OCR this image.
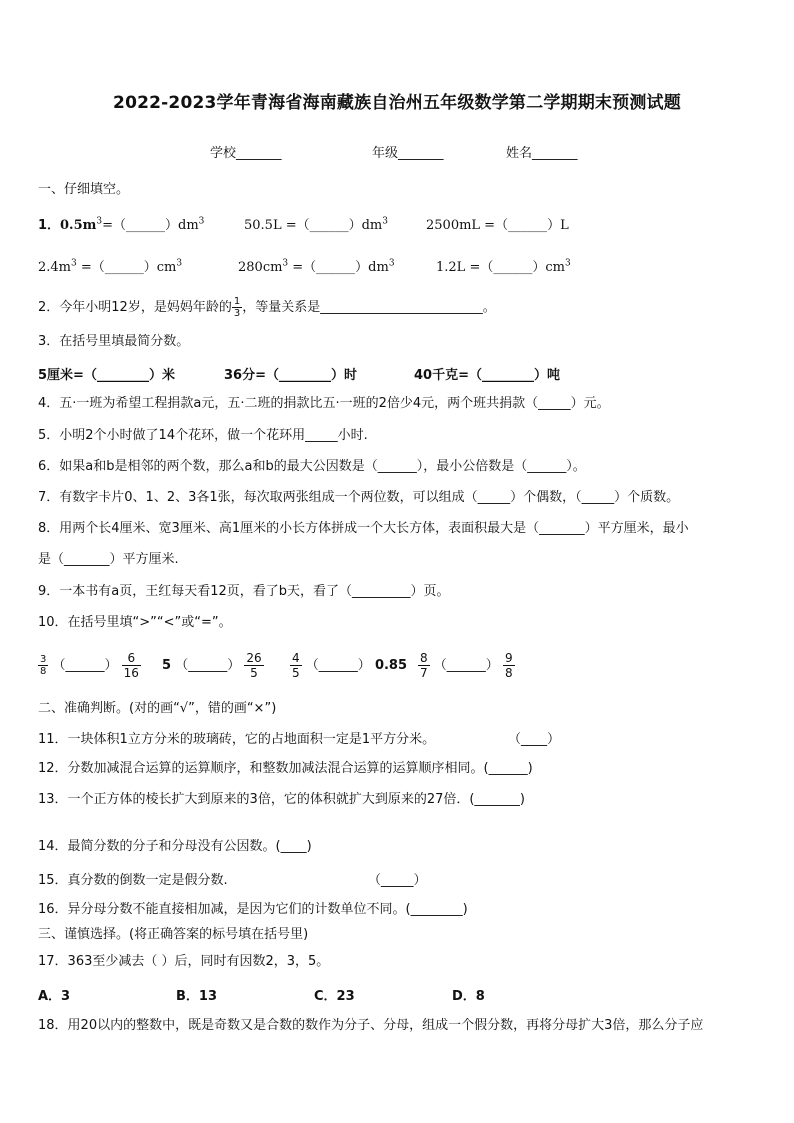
2022-2023学年青海省海南藏族自治州五年级数学第二学期期末预测试题
学校_______	年级_______	姓名_______
一、仔细填空。
1． $0.5m^3=(\_\_\_\_\_\_)dm^3$	$50.5L =(\_\_\_\_\_\_)dm^3$	2500mL =（______）L
$2.4m^3$ $=(\_\_\_\_\_\_)cm^3$	$280cm^3$ $=(\_\_\_\_\_\_)dm^3$	$1.2L =(\_\_\_\_\_\_)cm^3$
2．今年小明12岁，是妈妈年龄的 $\frac{1}{3}$ ，等量关系是_________________________。
3．在括号里填最简分数。
5厘米=（________）米	36分=（________）时	40千克=（________）吨
4．五·一班为希望工程捐款a元，五·二班的捐款比五·一班的2倍少4元，两个班共捐款（_____）元。
5．小明2个小时做了14个花环，做一个花环用_____小时.
6．如果a和b是相邻的两个数，那么a和b的最大公因数是（______），最小公倍数是（______）。
7．有数字卡片0、1、2、3各1张，每次取两张组成一个两位数，可以组成（_____）个偶数，（_____）个质数。
8．用两个长4厘米、宽3厘米、高1厘米的小长方体拼成一个大长方体，表面积最大是（_______）平方厘米，最小
是（_______）平方厘米.
9．一本书有a页，王红每天看12页，看了b天，看了（_________）页。
10．在括号里填“>”“<”或“=”。
$\frac{3}{8}$ （______） $\frac{6}{16} 5$ （______） $\frac{26}{5} \frac{4}{5}$ （______） $0.85 \frac{8}{7}$ （______） $\frac{9}{8}$
二、准确判断。(对的画“√”，错的画“×”)
11．一块体积1立方分米的玻璃砖，它的占地面积一定是1平方分米。	（____）
12．分数加减混合运算的运算顺序，和整数加减法混合运算的运算顺序相同。(______)
13．一个正方体的棱长扩大到原来的3倍，它的体积就扩大到原来的27倍．(_______)
14．最简分数的分子和分母没有公因数。(____)
15．真分数的倒数一定是假分数.	（_____）
16．异分母分数不能直接相加减，是因为它们的计数单位不同。(________)
三、谨慎选择。(将正确答案的标号填在括号里)
17．363至少减去（ ）后，同时有因数2，3，5。
A．3	B．13	C．23	D．8
18．用20以内的整数中，既是奇数又是合数的数作为分子、分母，组成一个假分数，再将分母扩大3倍，那么分子应
